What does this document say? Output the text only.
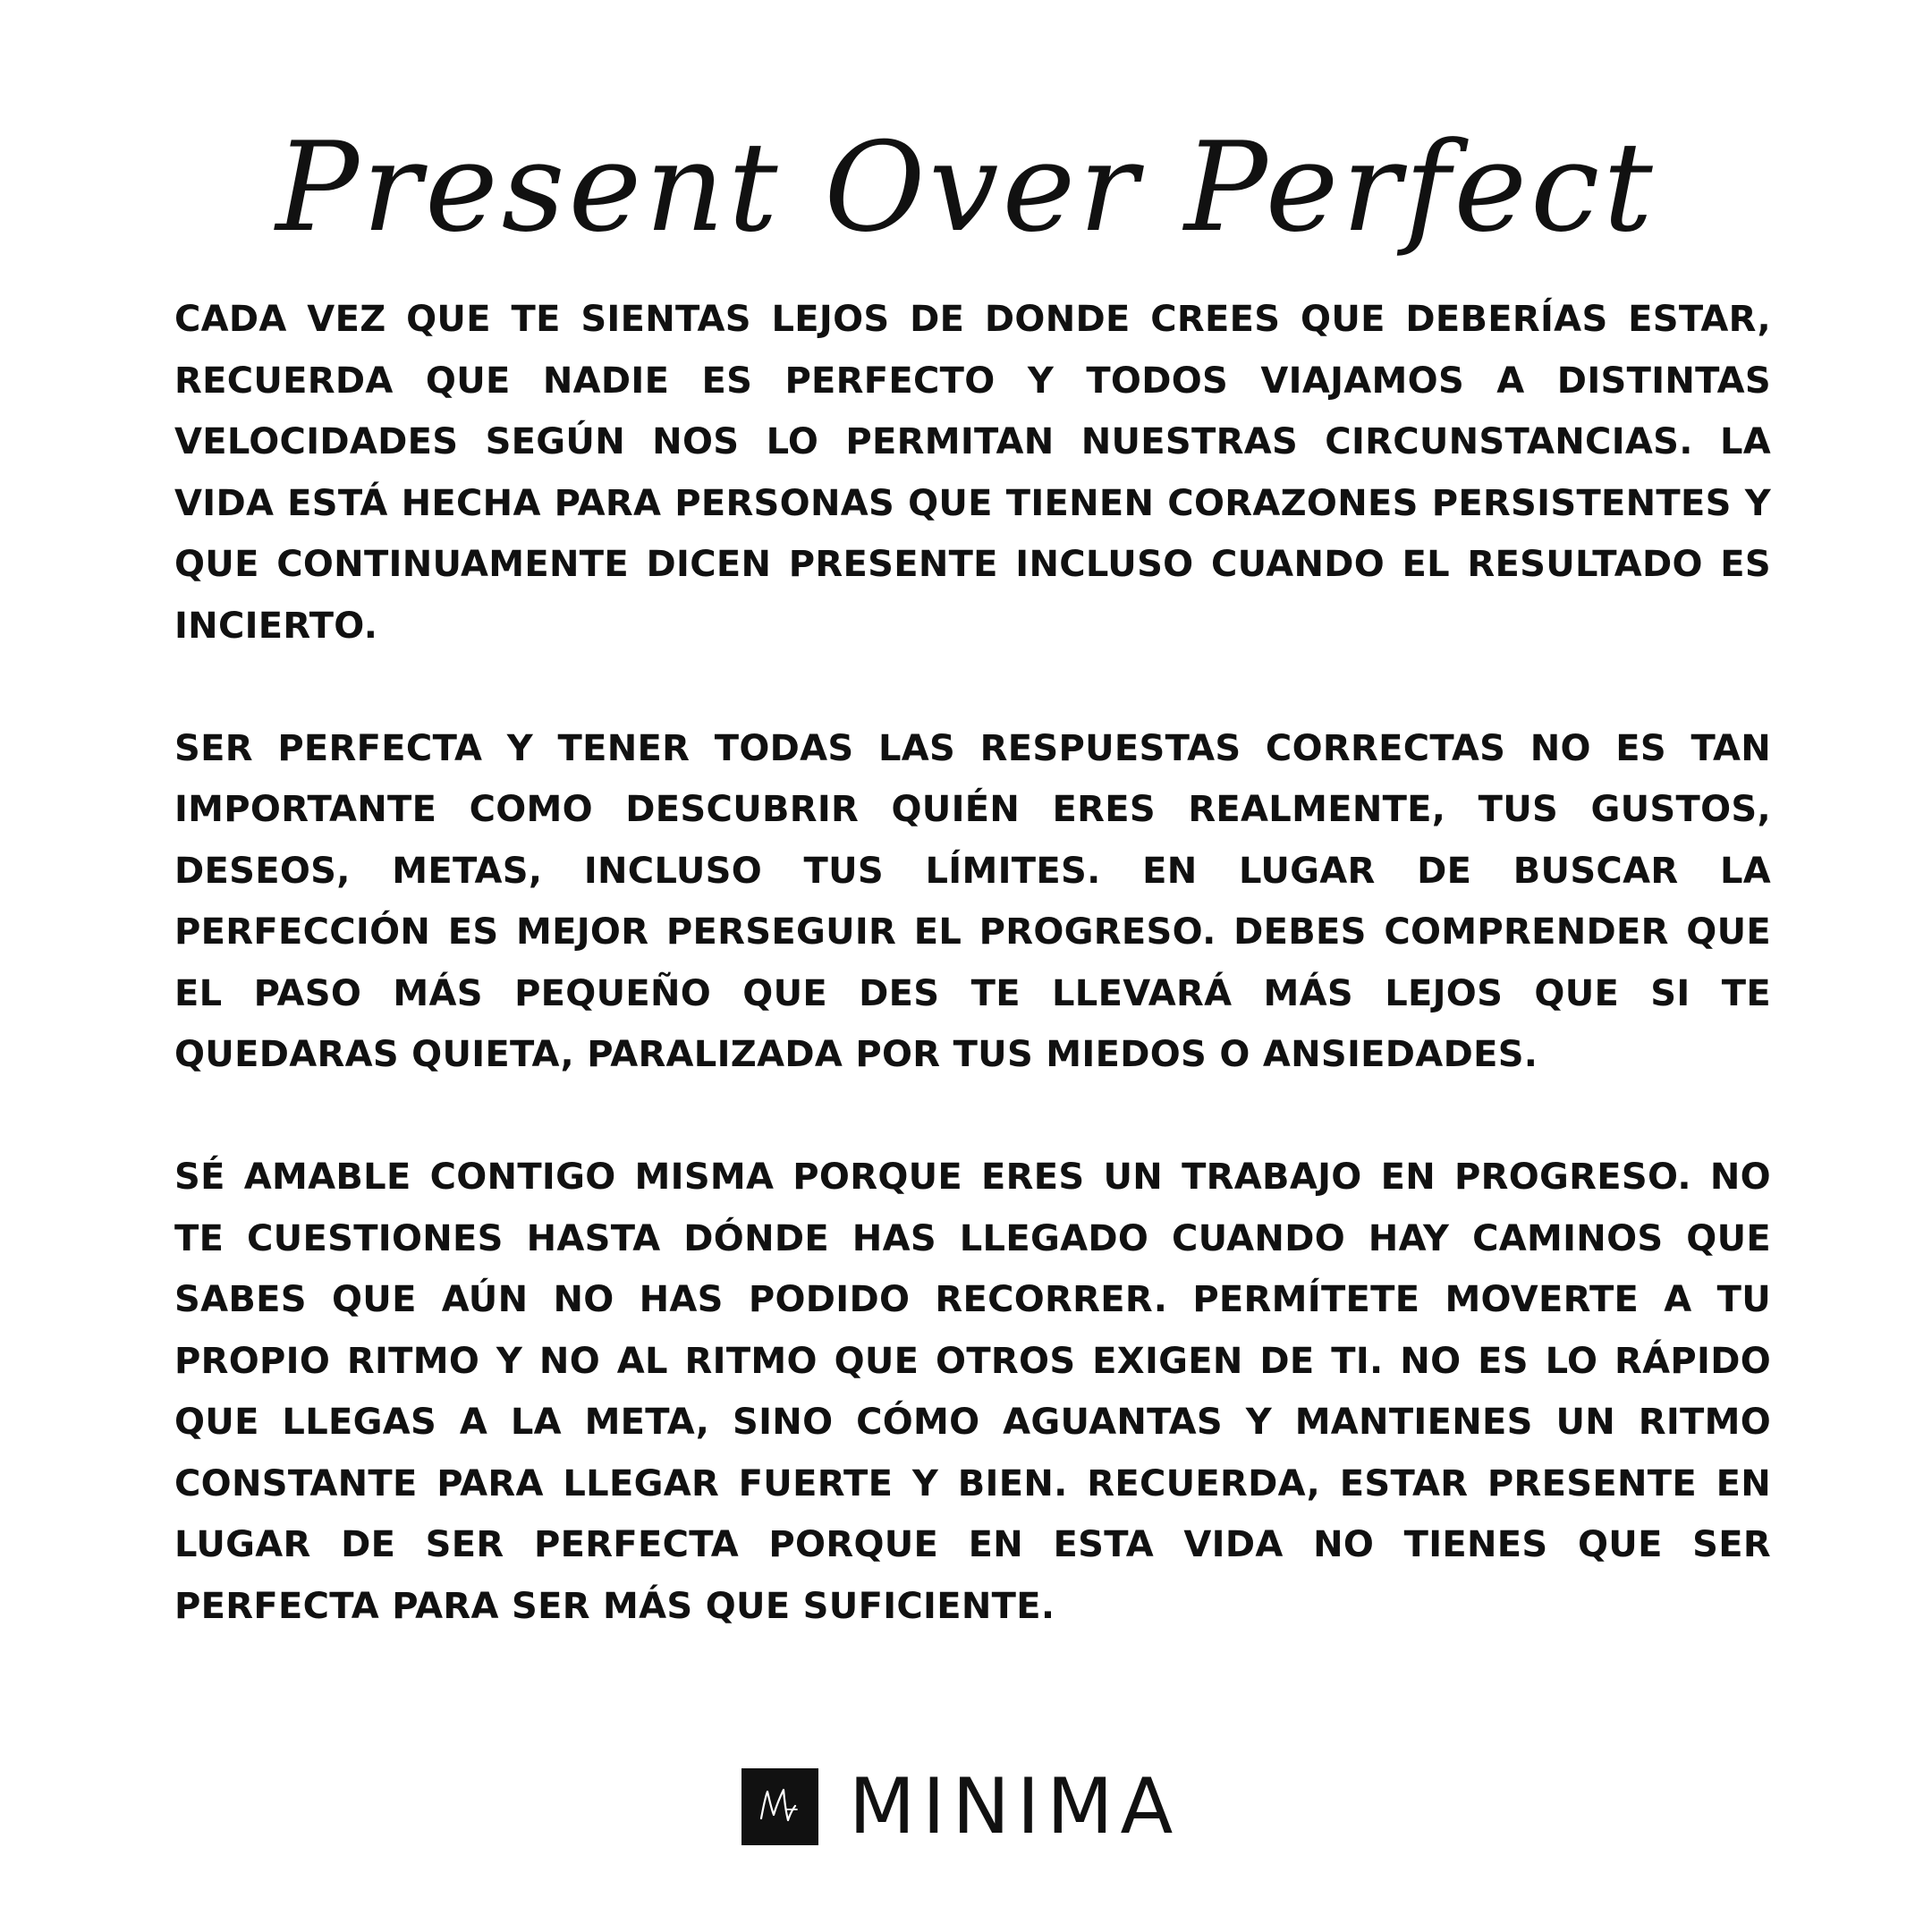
Present Over Perfect

CADA VEZ QUE TE SIENTAS LEJOS DE DONDE CREES QUE DEBERÍAS ESTAR, RECUERDA QUE NADIE ES PERFECTO Y TODOS VIAJAMOS A DISTINTAS VELOCIDADES SEGÚN NOS LO PERMITAN NUESTRAS CIRCUNSTANCIAS. LA VIDA ESTÁ HECHA PARA PERSONAS QUE TIENEN CORAZONES PERSISTENTES Y QUE CONTINUAMENTE DICEN PRESENTE INCLUSO CUANDO EL RESULTADO ES INCIERTO.

SER PERFECTA Y TENER TODAS LAS RESPUESTAS CORRECTAS NO ES TAN IMPORTANTE COMO DESCUBRIR QUIÉN ERES REALMENTE, TUS GUSTOS, DESEOS, METAS, INCLUSO TUS LÍMITES. EN LUGAR DE BUSCAR LA PERFECCIÓN ES MEJOR PERSEGUIR EL PROGRESO. DEBES COMPRENDER QUE EL PASO MÁS PEQUEÑO QUE DES TE LLEVARÁ MÁS LEJOS QUE SI TE QUEDARAS QUIETA, PARALIZADA POR TUS MIEDOS O ANSIEDADES.

SÉ AMABLE CONTIGO MISMA PORQUE ERES UN TRABAJO EN PROGRESO. NO TE CUESTIONES HASTA DÓNDE HAS LLEGADO CUANDO HAY CAMINOS QUE SABES QUE AÚN NO HAS PODIDO RECORRER. PERMÍTETE MOVERTE A TU PROPIO RITMO Y NO AL RITMO QUE OTROS EXIGEN DE TI. NO ES LO RÁPIDO QUE LLEGAS A LA META, SINO CÓMO AGUANTAS Y MANTIENES UN RITMO CONSTANTE PARA LLEGAR FUERTE Y BIEN. RECUERDA, ESTAR PRESENTE EN LUGAR DE SER PERFECTA PORQUE EN ESTA VIDA NO TIENES QUE SER PERFECTA PARA SER MÁS QUE SUFICIENTE.

MINIMA
